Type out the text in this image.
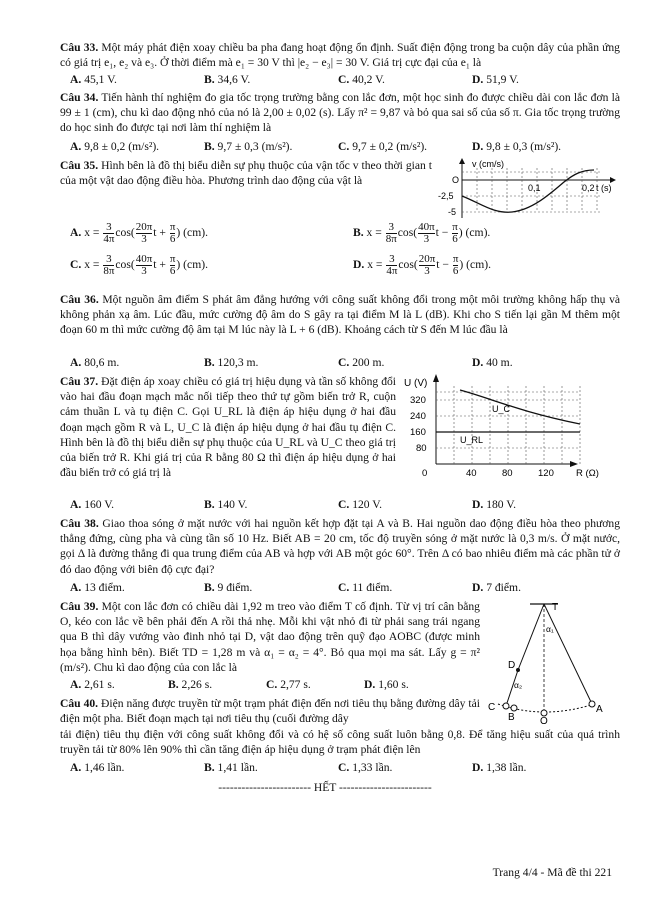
Câu 33. Một máy phát điện xoay chiều ba pha đang hoạt động ổn định. Suất điện động trong ba cuộn dây của phần ứng có giá trị e₁, e₂ và e₃. Ở thời điểm mà e₁ = 30 V thì |e₂ − e₃| = 30 V. Giá trị cực đại của e₁ là
A. 45,1 V.	B. 34,6 V.	C. 40,2 V.	D. 51,9 V.
Câu 34. Tiến hành thí nghiệm đo gia tốc trọng trường bằng con lắc đơn, một học sinh đo được chiều dài con lắc đơn là 99 ± 1 (cm), chu kì dao động nhỏ của nó là 2,00 ± 0,02 (s). Lấy π² = 9,87 và bỏ qua sai số của số π. Gia tốc trọng trường do học sinh đo được tại nơi làm thí nghiệm là
A. 9,8 ± 0,2 (m/s²).	B. 9,7 ± 0,3 (m/s²).	C. 9,7 ± 0,2 (m/s²).	D. 9,8 ± 0,3 (m/s²).
Câu 35. Hình bên là đồ thị biểu diễn sự phụ thuộc của vận tốc v theo thời gian t của một vật dao động điều hòa. Phương trình dao động của vật là
v (cm/s)
O
-2,5
-5
0,1	0,2 t (s)
A. $x = \frac{3}{4\pi} \cos( \frac{20\pi}{3}$ $t + \frac{\pi}{6}$ ) (cm).	B. $x = \frac{3}{8\pi} \cos( \frac{40\pi}{3}$ $t - \frac{\pi}{6}$ ) (cm).
C. $x = \frac{3}{8\pi} \cos( \frac{40\pi}{3}$ $t + \frac{\pi}{6}$ ) (cm).	D. $x = \frac{3}{4\pi} \cos( \frac{20\pi}{3}$ $t - \frac{\pi}{6}$ ) (cm).
Câu 36. Một nguồn âm điểm S phát âm đẳng hướng với công suất không đổi trong một môi trường không hấp thụ và không phản xạ âm. Lúc đầu, mức cường độ âm do S gây ra tại điểm M là L (dB). Khi cho S tiến lại gần M thêm một đoạn 60 m thì mức cường độ âm tại M lúc này là L + 6 (dB). Khoảng cách từ S đến M lúc đầu là
A. 80,6 m.	B. 120,3 m.	C. 200 m.	D. 40 m.
Câu 37. Đặt điện áp xoay chiều có giá trị hiệu dụng và tần số không đổi vào hai đầu đoạn mạch mắc nối tiếp theo thứ tự gồm biến trở R, cuộn cảm thuần L và tụ điện C. Gọi U_RL là điện áp hiệu dụng ở hai đầu đoạn mạch gồm R và L, U_C là điện áp hiệu dụng ở hai đầu tụ điện C. Hình bên là đồ thị biểu diễn sự phụ thuộc của U_RL và U_C theo giá trị của biến trở R. Khi giá trị của R bằng 80 Ω thì điện áp hiệu dụng ở hai đầu biến trở có giá trị là
U (V)
320
240
160
80
0	40	80	120 R (Ω)
U_C
U_RL
A. 160 V.	B. 140 V.	C. 120 V.	D. 180 V.
Câu 38. Giao thoa sóng ở mặt nước với hai nguồn kết hợp đặt tại A và B. Hai nguồn dao động điều hòa theo phương thẳng đứng, cùng pha và cùng tần số 10 Hz. Biết AB = 20 cm, tốc độ truyền sóng ở mặt nước là 0,3 m/s. Ở mặt nước, gọi Δ là đường thẳng đi qua trung điểm của AB và hợp với AB một góc 60°. Trên Δ có bao nhiêu điểm mà các phần tử ở đó dao động với biên độ cực đại?
A. 13 điểm.	B. 9 điểm.	C. 11 điểm.	D. 7 điểm.
Câu 39. Một con lắc đơn có chiều dài 1,92 m treo vào điểm T cố định. Từ vị trí cân bằng O, kéo con lắc về bên phải đến A rồi thả nhẹ. Mỗi khi vật nhỏ đi từ phải sang trái ngang qua B thì dây vướng vào đinh nhỏ tại D, vật dao động trên quỹ đạo AOBC (được minh họa bằng hình bên). Biết TD = 1,28 m và α₁ = α₂ = 4°. Bỏ qua mọi ma sát. Lấy g = π² (m/s²). Chu kì dao động của con lắc là
T
D
A
C
B	O
α₁
α₂
A. 2,61 s.	B. 2,26 s.	C. 2,77 s.	D. 1,60 s.
Câu 40. Điện năng được truyền từ một trạm phát điện đến nơi tiêu thụ bằng đường dây tải điện một pha. Biết đoạn mạch tại nơi tiêu thụ (cuối đường dây
tải điện) tiêu thụ điện với công suất không đổi và có hệ số công suất luôn bằng 0,8. Để tăng hiệu suất của quá trình truyền tải từ 80% lên 90% thì cần tăng điện áp hiệu dụng ở trạm phát điện lên
A. 1,46 lần.	B. 1,41 lần.	C. 1,33 lần.	D. 1,38 lần.
------------------------ HẾT ------------------------
Trang 4/4 - Mã đề thi 221
